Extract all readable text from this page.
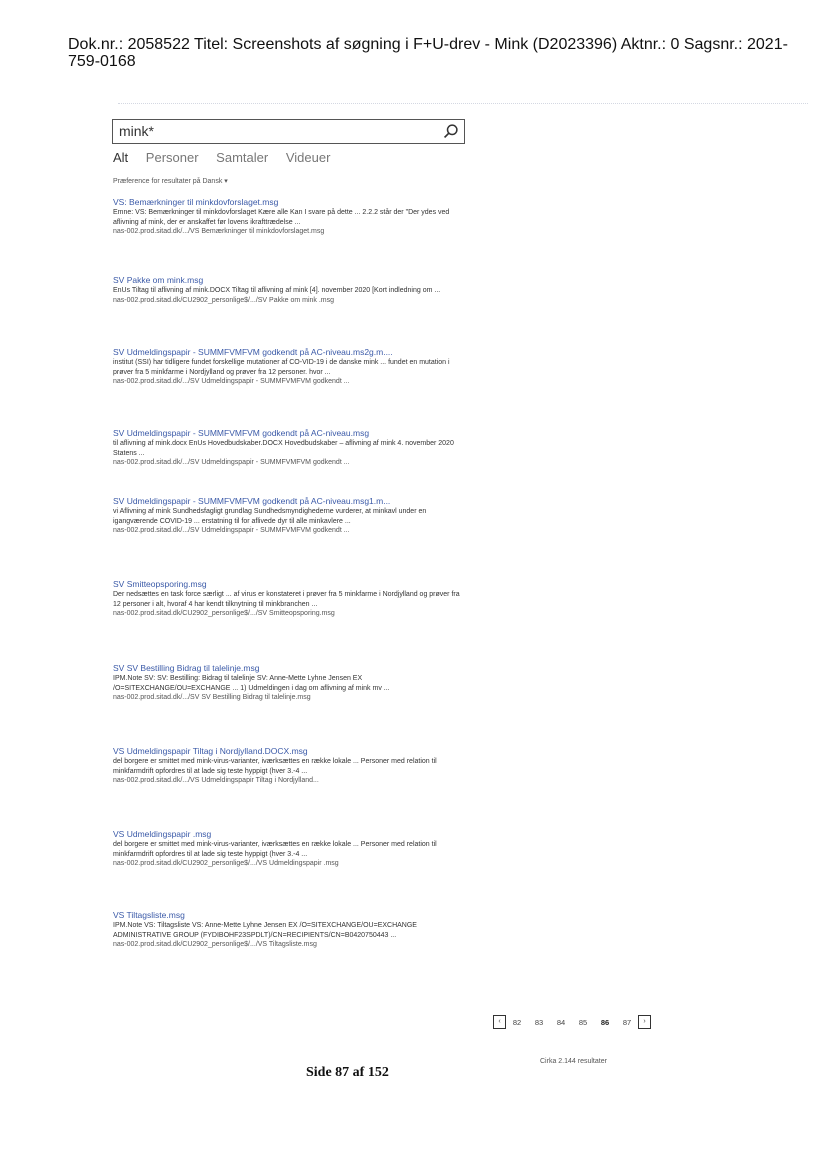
Dok.nr.: 2058522 Titel: Screenshots af søgning i F+U-drev - Mink (D2023396) Aktnr.: 0 Sagsnr.: 2021-759-0168
mink*
Alt Personer Samtaler Videuer
Præference for resultater på Dansk ▾
VS: Bemærkninger til minkdovforslaget.msg
Emne: VS: Bemærkninger til minkdovforslaget Kære alle Kan I svare på dette ... 2.2.2 står der "Der ydes ved aflivning af mink, der er anskaffet før lovens ikrafttrædelse ...
nas-002.prod.sitad.dk/.../VS Bemærkninger til minkdovforslaget.msg
SV Pakke om mink.msg
EnUs Tiltag til aflivning af mink.DOCX Tiltag til aflivning af mink [4]. november 2020 [Kort indledning om ...
nas-002.prod.sitad.dk/CU2902_personlige$/.../SV Pakke om mink .msg
SV Udmeldingspapir - SUMMFVMFVM godkendt på AC-niveau.ms2g.m....
institut (SSI) har tidligere fundet forskellige mutationer af CO-VID-19 i de danske mink ... fundet en mutation i prøver fra 5 minkfarme i Nordjylland og prøver fra 12 personer. hvor ...
nas-002.prod.sitad.dk/.../SV Udmeldingspapir - SUMMFVMFVM godkendt ...
SV Udmeldingspapir - SUMMFVMFVM godkendt på AC-niveau.msg
til aflivning af mink.docx EnUs Hovedbudskaber.DOCX Hovedbudskaber – aflivning af mink 4. november 2020 Statens ...
nas-002.prod.sitad.dk/.../SV Udmeldingspapir - SUMMFVMFVM godkendt ...
SV Udmeldingspapir - SUMMFVMFVM godkendt på AC-niveau.msg1.m...
vi Aflivning af mink Sundhedsfagligt grundlag Sundhedsmyndighederne vurderer, at minkavl under en igangværende COVID-19 ... erstatning til for aflivede dyr til alle minkavlere ...
nas-002.prod.sitad.dk/.../SV Udmeldingspapir - SUMMFVMFVM godkendt ...
SV Smitteopsporing.msg
Der nedsættes en task force særligt ... af virus er konstateret i prøver fra 5 minkfarme i Nordjylland og prøver fra 12 personer i alt, hvoraf 4 har kendt tilknytning til minkbranchen ...
nas-002.prod.sitad.dk/CU2902_personlige$/.../SV Smitteopsporing.msg
SV SV Bestilling Bidrag til talelinje.msg
IPM.Note SV: SV: Bestilling: Bidrag til talelinje SV: Anne-Mette Lyhne Jensen EX /O=SITEXCHANGE/OU=EXCHANGE ... 1) Udmeldingen i dag om aflivning af mink mv ...
nas-002.prod.sitad.dk/.../SV SV Bestilling Bidrag til talelinje.msg
VS Udmeldingspapir Tiltag i Nordjylland.DOCX.msg
del borgere er smittet med mink-virus-varianter, iværksættes en række lokale ... Personer med relation til minkfarmdrift opfordres til at lade sig teste hyppigt (hver 3.-4 ...
nas-002.prod.sitad.dk/.../VS Udmeldingspapir Tiltag i Nordjylland...
VS Udmeldingspapir .msg
del borgere er smittet med mink-virus-varianter, iværksættes en række lokale ... Personer med relation til minkfarmdrift opfordres til at lade sig teste hyppigt (hver 3.-4 ...
nas-002.prod.sitad.dk/CU2902_personlige$/.../VS Udmeldingspapir .msg
VS Tiltagsliste.msg
IPM.Note VS: Tiltagsliste VS: Anne-Mette Lyhne Jensen EX /O=SITEXCHANGE/OU=EXCHANGE ADMINISTRATIVE GROUP (FYDIBOHF23SPDLT)/CN=RECIPIENTS/CN=B0420750443 ...
nas-002.prod.sitad.dk/CU2902_personlige$/.../VS Tiltagsliste.msg
‹	82	83	84	85	86	87	›
Cirka 2.144 resultater
Side 87 af 152
